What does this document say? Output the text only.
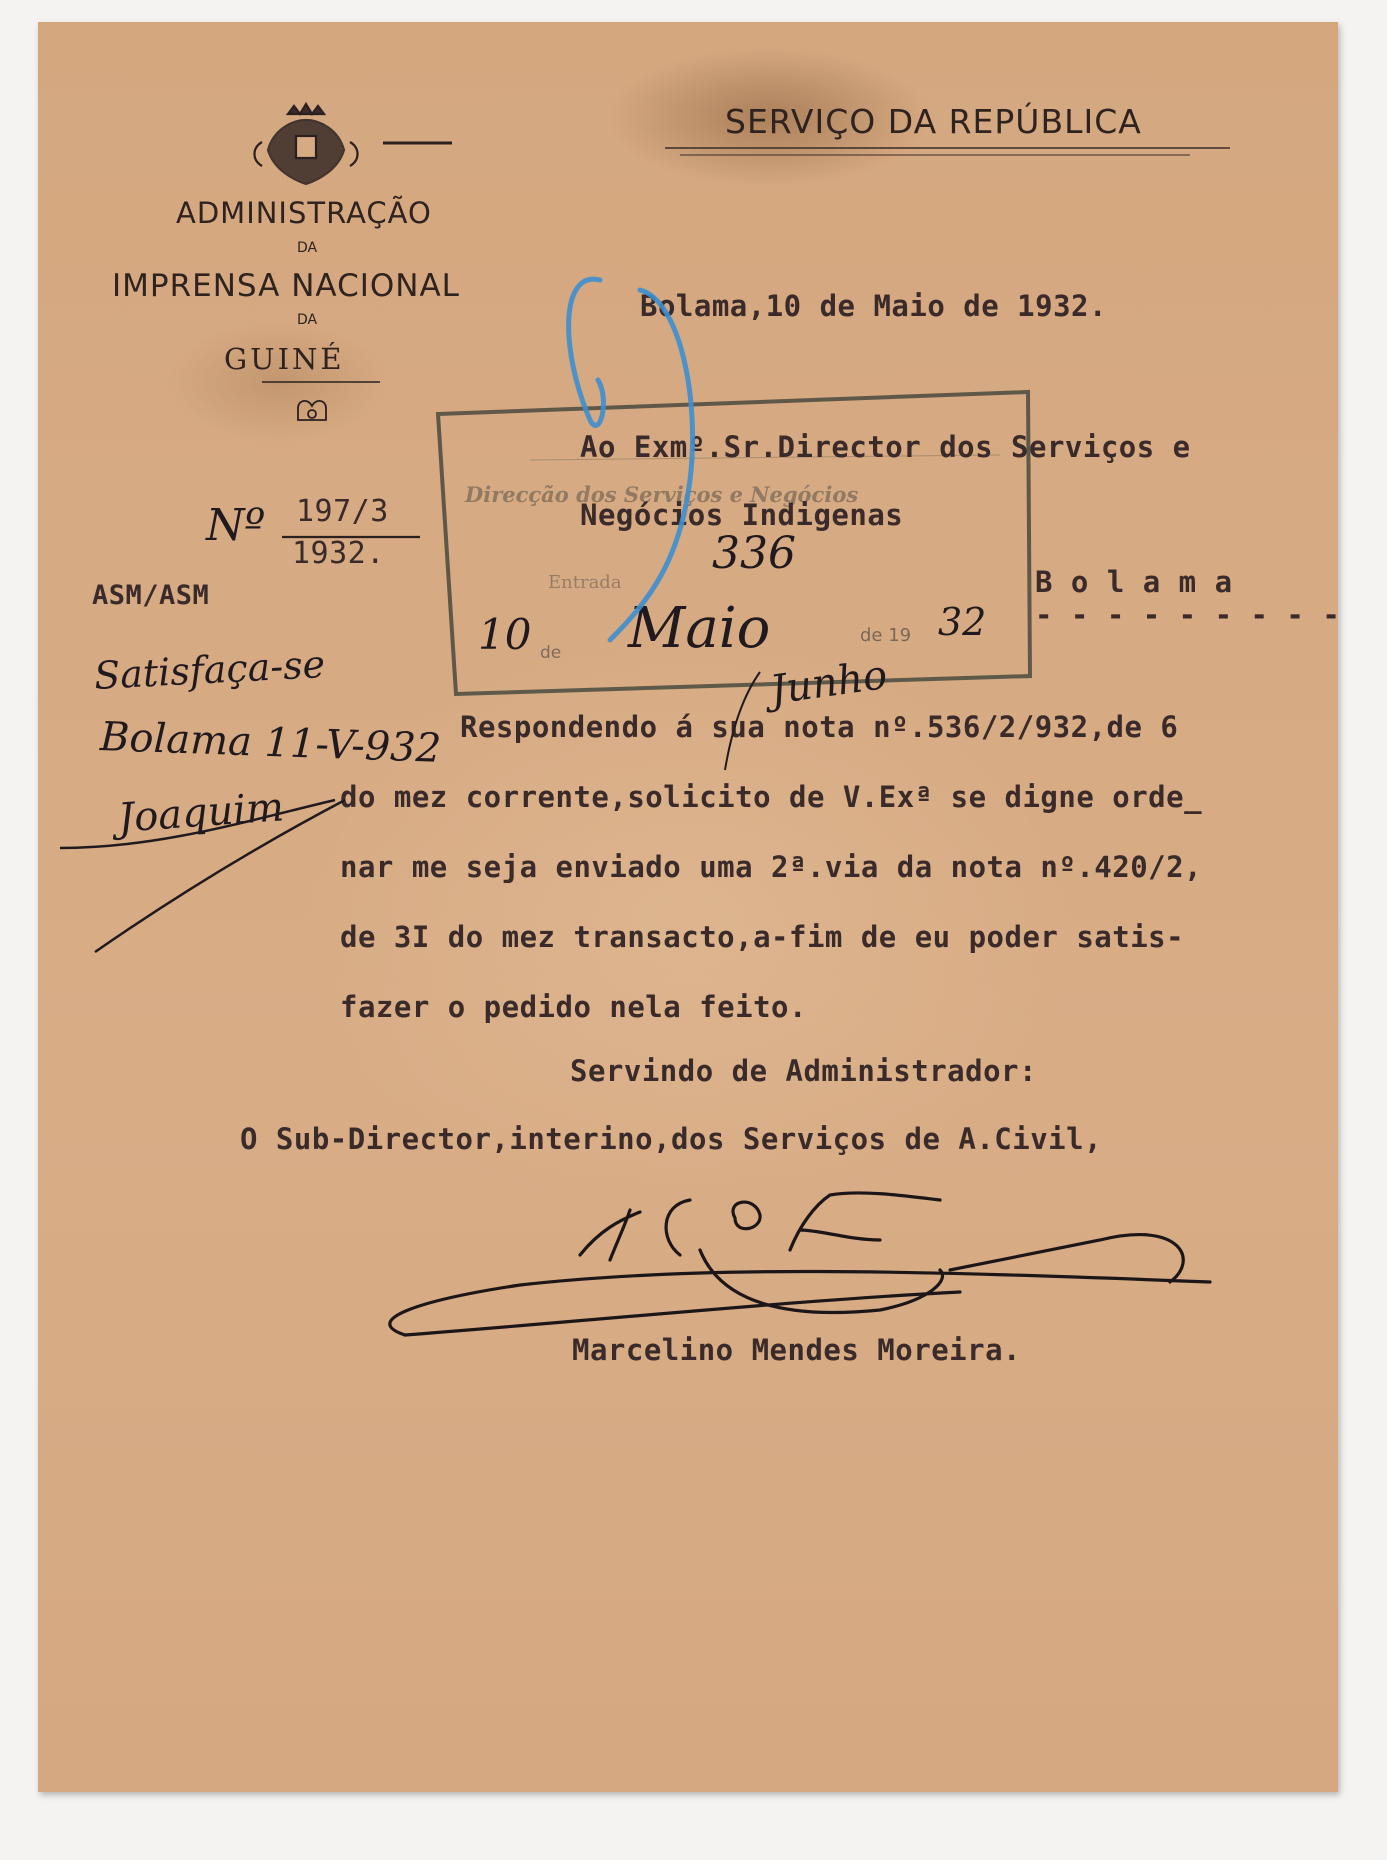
SERVIÇO DA REPÚBLICA
ADMINISTRAÇÃO
DA
IMPRENSA NACIONAL
DA
GUINÉ
Nº 197/3
1932.
ASM/ASM
Bolama,10 de Maio de 1932.
Direcção dos Serviços e Negócios
Entrada
de
de 19
336
10 Maio	32
Ao Exmº.Sr.Director dos Serviços e
Negócios Indigenas
B o l a m a
- - - - - - - - -
Respondendo á sua nota nº.536/2/932,de 6
do mez corrente,solicito de V.Exª se digne orde_
nar me seja enviado uma 2ª.via da nota nº.420/2,
de 3I do mez transacto,a-fim de eu poder satis-
fazer o pedido nela feito.
Servindo de Administrador:
O Sub-Director,interino,dos Serviços de A.Civil,
Marcelino Mendes Moreira.
Satisfaça-se
Bolama 11-V-932
Joaquim
Junho
